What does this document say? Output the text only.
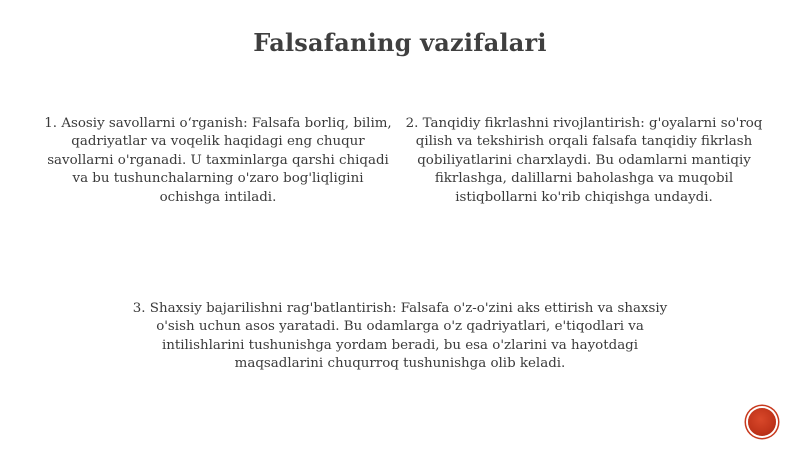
Falsafaning vazifalari
1. Asosiy savollarni o‘rganish: Falsafa borliq, bilim, qadriyatlar va voqelik haqidagi eng chuqur savollarni o'rganadi. U taxminlarga qarshi chiqadi va bu tushunchalarning o'zaro bog'liqligini ochishga intiladi.
2. Tanqidiy fikrlashni rivojlantirish: g'oyalarni so'roq qilish va tekshirish orqali falsafa tanqidiy fikrlash qobiliyatlarini charxlaydi. Bu odamlarni mantiqiy fikrlashga, dalillarni baholashga va muqobil istiqbollarni ko'rib chiqishga undaydi.
3. Shaxsiy bajarilishni rag'batlantirish: Falsafa o'z-o'zini aks ettirish va shaxsiy o'sish uchun asos yaratadi. Bu odamlarga o'z qadriyatlari, e'tiqodlari va intilishlarini tushunishga yordam beradi, bu esa o'zlarini va hayotdagi maqsadlarini chuqurroq tushunishga olib keladi.
